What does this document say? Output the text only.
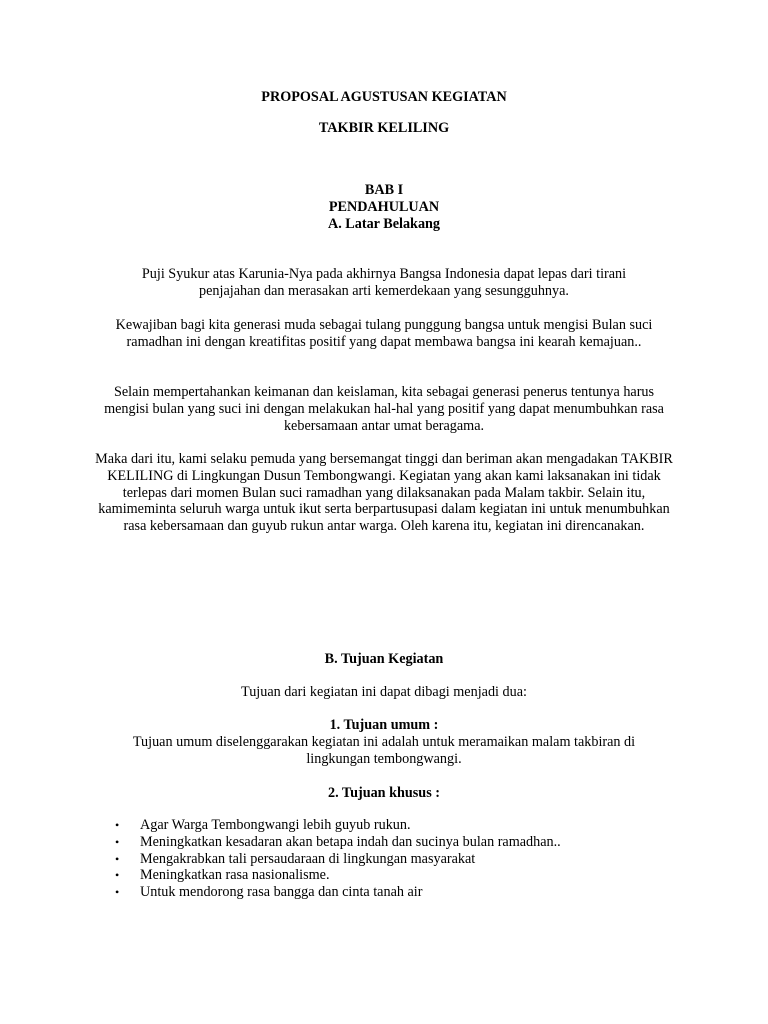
PROPOSAL AGUSTUSAN KEGIATAN
TAKBIR KELILING
BAB I
PENDAHULUAN
A. Latar Belakang
Puji Syukur atas Karunia-Nya pada akhirnya Bangsa Indonesia dapat lepas dari tirani penjajahan dan merasakan arti kemerdekaan yang sesungguhnya.
Kewajiban bagi kita generasi muda sebagai tulang punggung bangsa untuk mengisi Bulan suci ramadhan ini dengan kreatifitas positif yang dapat membawa bangsa ini kearah kemajuan..
Selain mempertahankan keimanan dan keislaman, kita sebagai generasi penerus tentunya harus mengisi bulan yang suci ini dengan melakukan hal-hal yang positif yang dapat menumbuhkan rasa kebersamaan antar umat beragama.
Maka dari itu, kami selaku pemuda yang bersemangat tinggi dan beriman akan mengadakan TAKBIR KELILING di Lingkungan Dusun Tembongwangi. Kegiatan yang akan kami laksanakan ini tidak terlepas dari momen Bulan suci ramadhan yang dilaksanakan pada Malam takbir. Selain itu, kamimeminta seluruh warga untuk ikut serta berpartusupasi dalam kegiatan ini untuk menumbuhkan rasa kebersamaan dan guyub rukun antar warga. Oleh karena itu, kegiatan ini direncanakan.
B. Tujuan Kegiatan
Tujuan dari kegiatan ini dapat dibagi menjadi dua:
1. Tujuan umum :
Tujuan umum diselenggarakan kegiatan ini adalah untuk meramaikan malam takbiran di lingkungan tembongwangi.
2. Tujuan khusus :
• Agar Warga Tembongwangi lebih guyub rukun.
• Meningkatkan kesadaran akan betapa indah dan sucinya bulan ramadhan..
• Mengakrabkan tali persaudaraan di lingkungan masyarakat
• Meningkatkan rasa nasionalisme.
• Untuk mendorong rasa bangga dan cinta tanah air
